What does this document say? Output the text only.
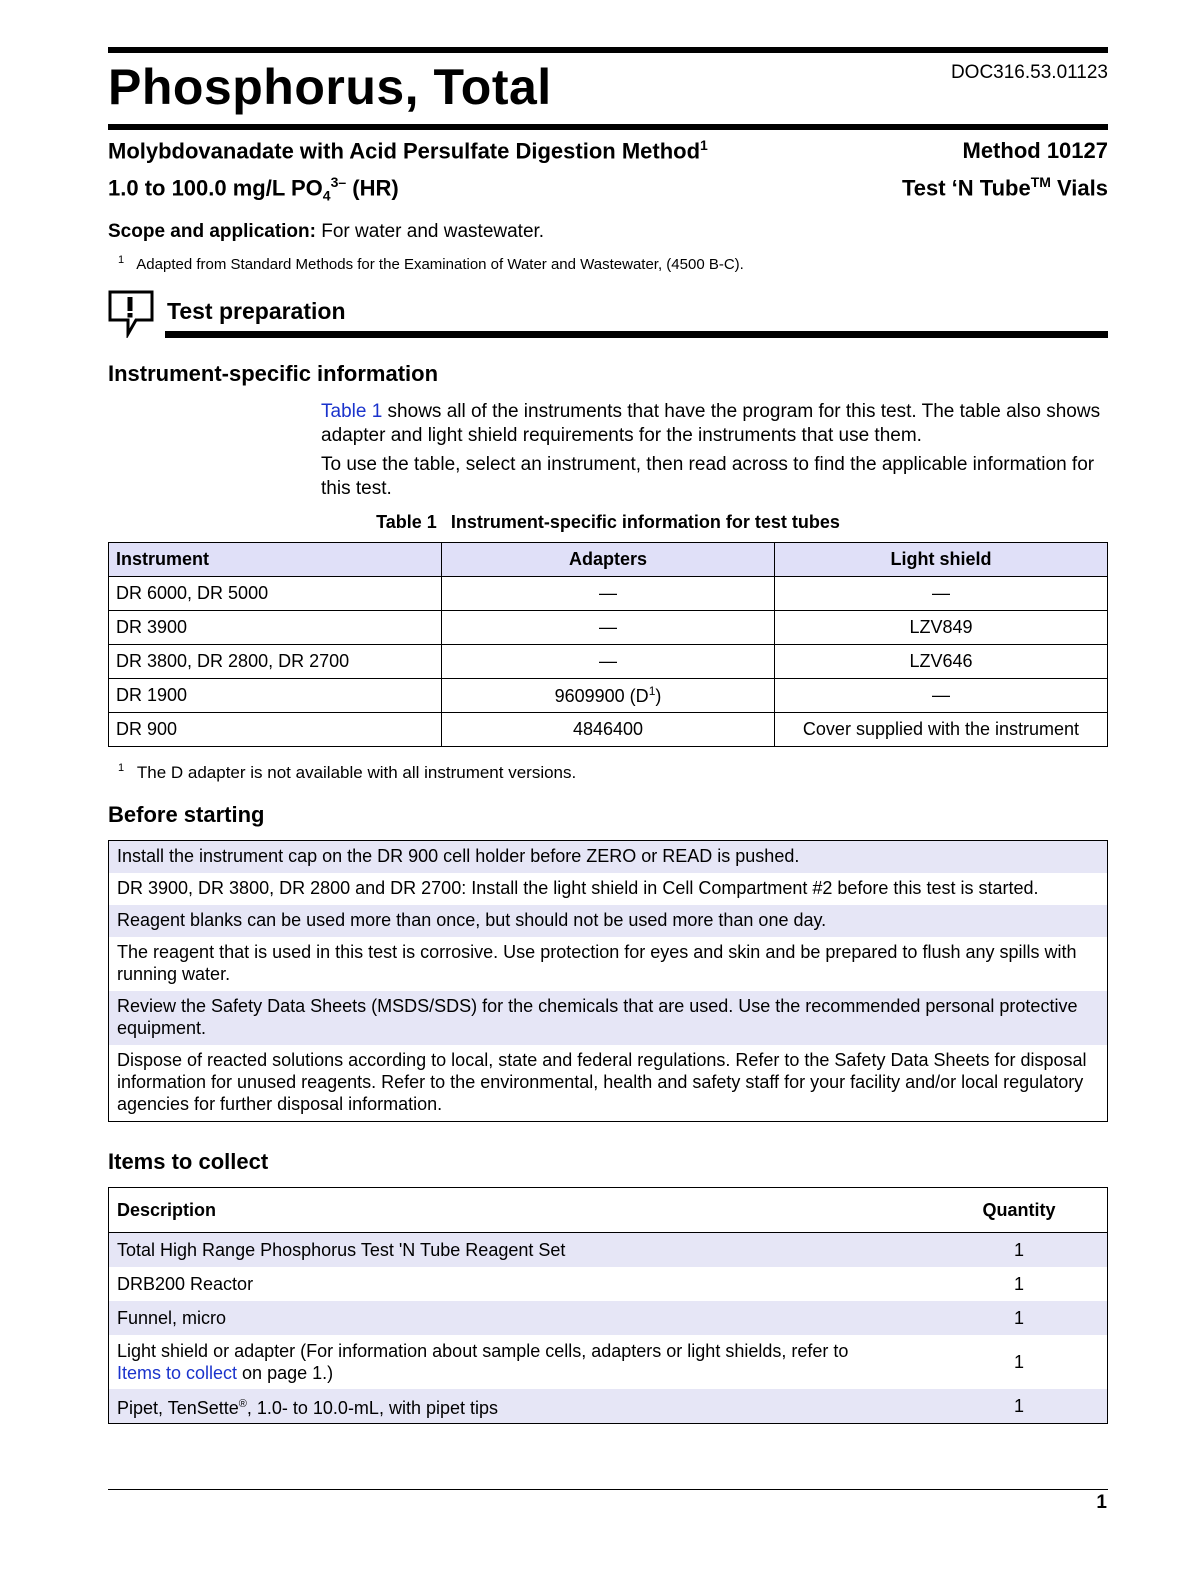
Phosphorus, Total	DOC316.53.01123
Molybdovanadate with Acid Persulfate Digestion Method$^1$	Method 10127
1.0 to 100.0 mg/L $PO_4^{3-}$ (HR)	Test ‘N Tube™ Vials
Scope and application: For water and wastewater.
$^1$ Adapted from Standard Methods for the Examination of Water and Wastewater, (4500 B-C).
Test preparation
Instrument-specific information
Table 1 shows all of the instruments that have the program for this test. The table also shows adapter and light shield requirements for the instruments that use them.
To use the table, select an instrument, then read across to find the applicable information for this test.
Table 1 Instrument-specific information for test tubes
Instrument	Adapters	Light shield
DR 6000, DR 5000	—	—
DR 3900	—	LZV849
DR 3800, DR 2800, DR 2700	—	LZV646
DR 1900	9609900 $(D^1)$	—
DR 900	4846400	Cover supplied with the instrument
$^1$ The D adapter is not available with all instrument versions.
Before starting
Install the instrument cap on the DR 900 cell holder before ZERO or READ is pushed.
DR 3900, DR 3800, DR 2800 and DR 2700: Install the light shield in Cell Compartment #2 before this test is started.
Reagent blanks can be used more than once, but should not be used more than one day.
The reagent that is used in this test is corrosive. Use protection for eyes and skin and be prepared to flush any spills with running water.
Review the Safety Data Sheets (MSDS/SDS) for the chemicals that are used. Use the recommended personal protective equipment.
Dispose of reacted solutions according to local, state and federal regulations. Refer to the Safety Data Sheets for disposal information for unused reagents. Refer to the environmental, health and safety staff for your facility and/or local regulatory agencies for further disposal information.
Items to collect
Description	Quantity
Total High Range Phosphorus Test 'N Tube Reagent Set	1
DRB200 Reactor	1
Funnel, micro	1
Light shield or adapter (For information about sample cells, adapters or light shields, refer to Items to collect on page 1.)	1
Pipet, TenSette®, 1.0- to 10.0-mL, with pipet tips	1
1
